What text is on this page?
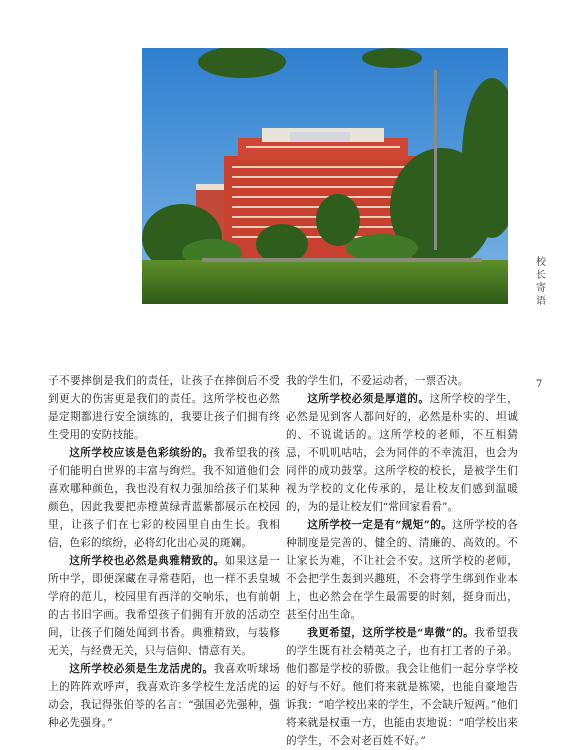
校
长
寄
语
7

子不要摔倒是我们的责任，让孩子在摔倒后不受到更大的伤害更是我们的责任。这所学校也必然是定期都进行安全演练的，我要让孩子们拥有终生受用的安防技能。

这所学校应该是色彩缤纷的。我希望我的孩子们能明白世界的丰富与绚烂。我不知道他们会喜欢哪种颜色，我也没有权力强加给孩子们某种颜色，因此我要把赤橙黄绿青蓝紫都展示在校园里，让孩子们在七彩的校园里自由生长。我相信，色彩的缤纷，必将幻化出心灵的斑斓。

这所学校也必然是典雅精致的。如果这是一所中学，即便深藏在寻常巷陌，也一样不丢皇城学府的范儿，校园里有西洋的交响乐，也有前朝的古书旧字画。我希望孩子们拥有开放的活动空间，让孩子们随处闻到书香。典雅精致，与装修无关，与经费无关，只与信仰、情意有关。

这所学校必须是生龙活虎的。我喜欢听球场上的阵阵欢呼声，我喜欢许多学校生龙活虎的运动会，我记得张伯苓的名言：“强国必先强种，强种必先强身。”

我的学生们，不爱运动者，一票否决。

这所学校必须是厚道的。这所学校的学生，必然是见到客人都问好的，必然是朴实的、坦诚的、不说谎话的。这所学校的老师，不互相猜忌，不叽叽咕咕，会为同伴的不幸流泪，也会为同伴的成功鼓掌。这所学校的校长，是被学生们视为学校的文化传承的，是让校友们感到温暖的，为的是让校友们“常回家看看”。

这所学校一定是有“规矩”的。这所学校的各种制度是完善的、健全的、清廉的、高效的。不让家长为难，不让社会不安。这所学校的老师，不会把学生轰到兴趣班，不会将学生绑到作业本上，也必然会在学生最需要的时刻，挺身而出，甚至付出生命。

我更希望，这所学校是“卑微”的。我希望我的学生既有社会精英之子，也有打工者的子弟。他们都是学校的骄傲。我会让他们一起分享学校的好与不好。他们将来就是栋梁，也能自豪地告诉我：“咱学校出来的学生，不会缺斤短两。”他们将来就是权重一方，也能由衷地说：“咱学校出来的学生，不会对老百姓不好。”
